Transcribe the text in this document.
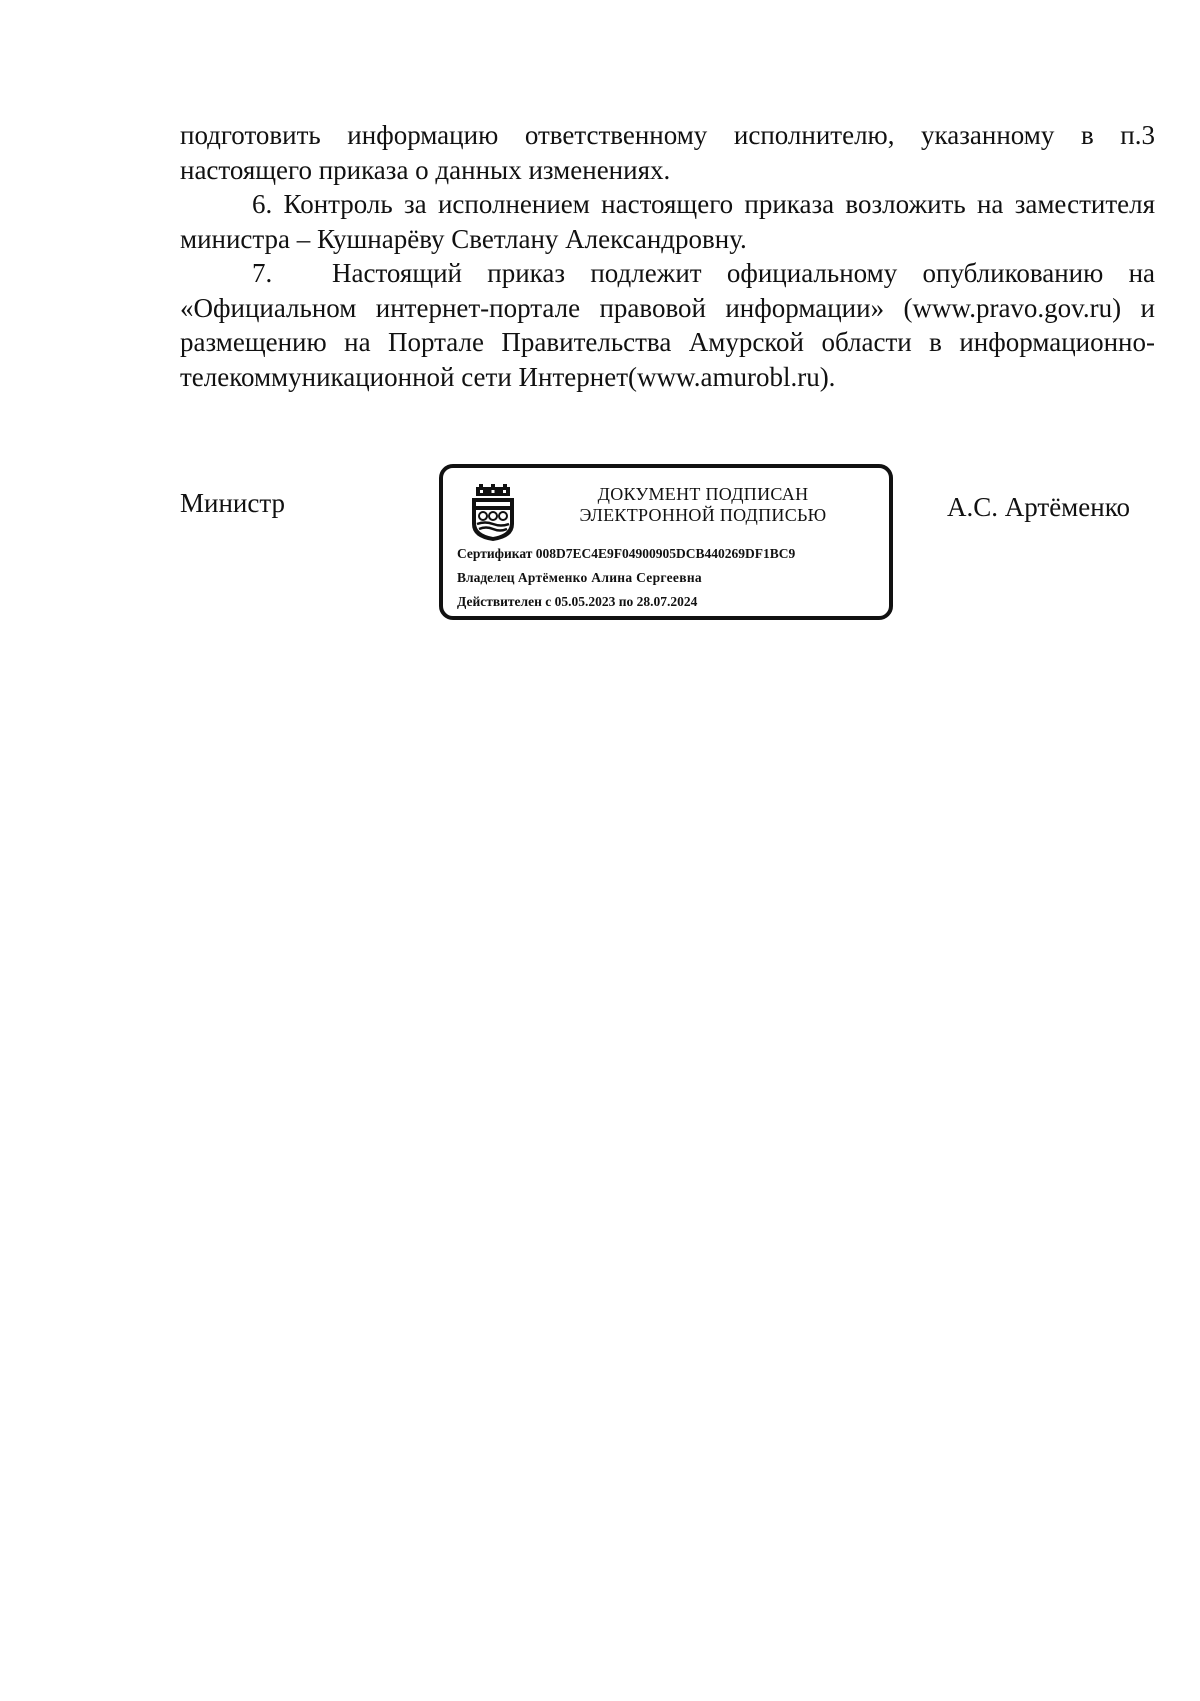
подготовить информацию ответственному исполнителю, указанному в п.3

настоящего приказа о данных изменениях.

6. Контроль за исполнением настоящего приказа возложить на заместителя

министра – Кушнарёву Светлану Александровну.

7. Настоящий приказ подлежит официальному опубликованию на

«Официальном интернет-портале правовой информации» (www.pravo.gov.ru) и

размещению на Портале Правительства Амурской области в информационно-

телекоммуникационной сети Интернет(www.amurobl.ru).

Министр	ДОКУМЕНТ ПОДПИСАН
ЭЛЕКТРОННОЙ ПОДПИСЬЮ
Сертификат 008D7EC4E9F04900905DCB440269DF1BC9
Владелец Артёменко Алина Сергеевна
Действителен с 05.05.2023 по 28.07.2024
А.С. Артёменко
